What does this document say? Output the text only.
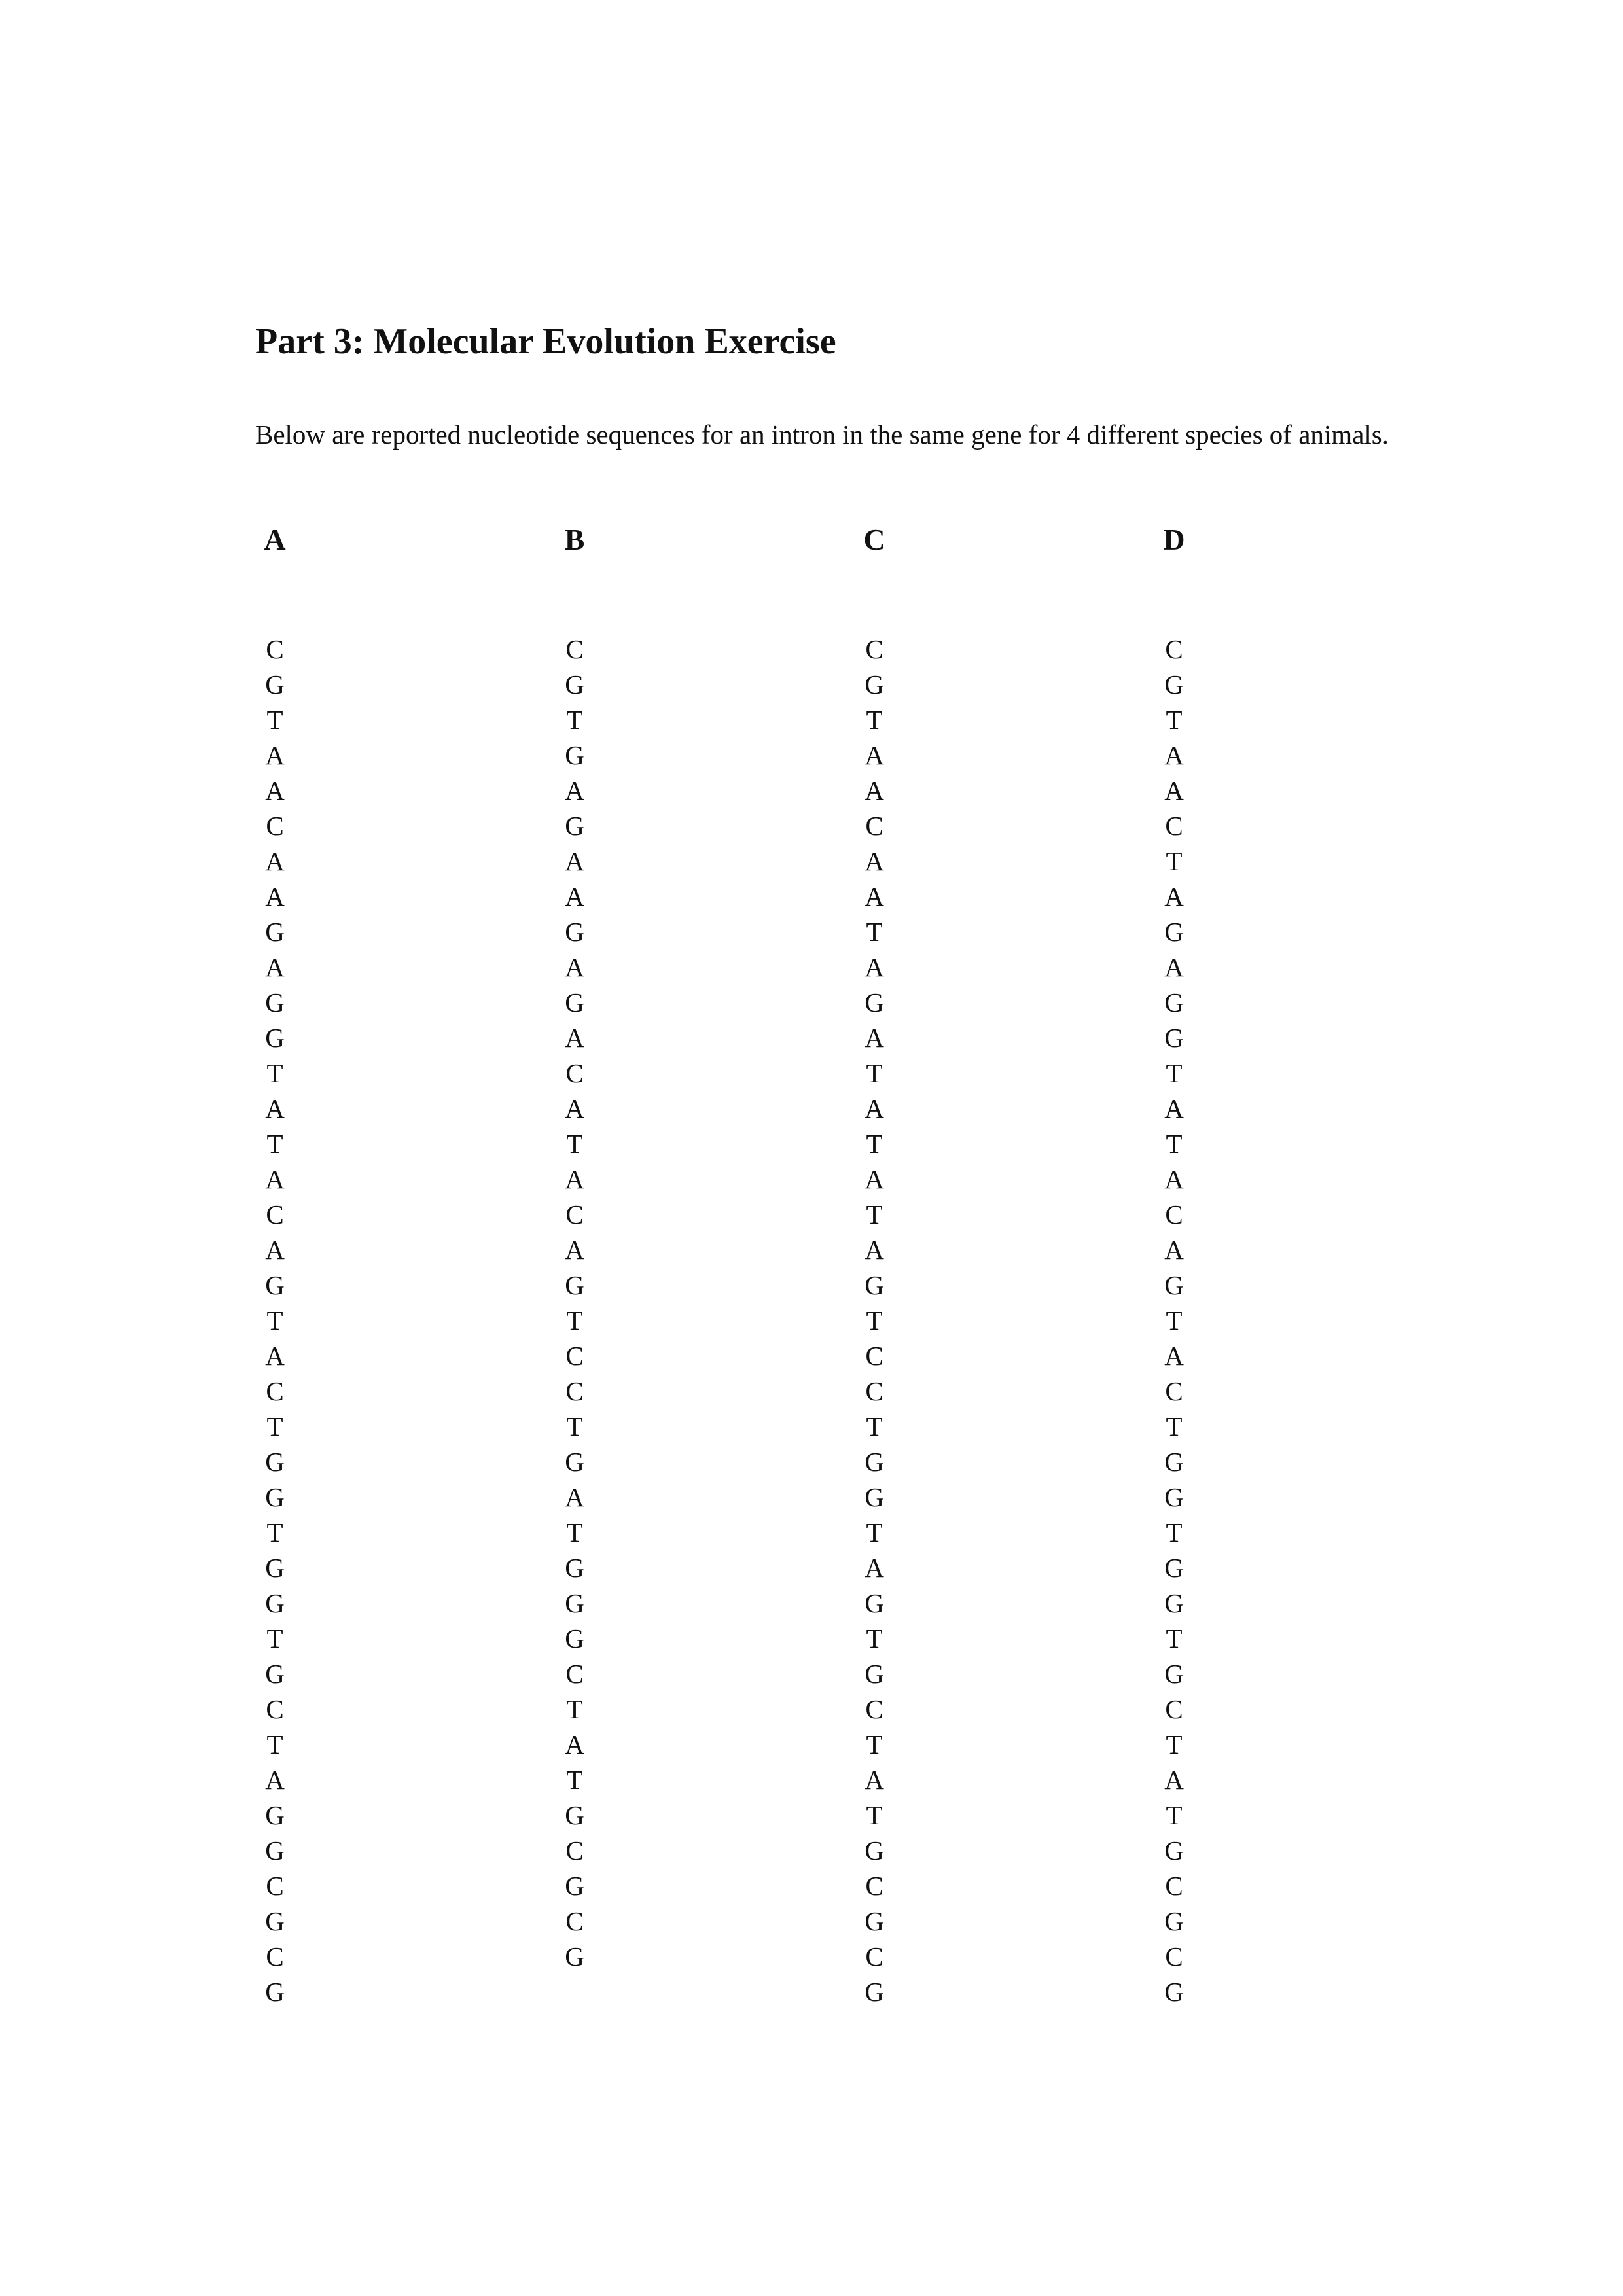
Part 3: Molecular Evolution Exercise

Below are reported nucleotide sequences for an intron in the same gene for 4 different species of animals.

A
C
G
T
A
A
C
A
A
G
A
G
G
T
A
T
A
C
A
G
T
A
C
T
G
G
T
G
G
T
G
C
T
A
G
G
C
G
C
G
B
C
G
T
G
A
G
A
A
G
A
G
A
C
A
T
A
C
A
G
T
C
C
T
G
A
T
G
G
G
C
T
A
T
G
C
G
C
G
C
C
G
T
A
A
C
A
A
T
A
G
A
T
A
T
A
T
A
G
T
C
C
T
G
G
T
A
G
T
G
C
T
A
T
G
C
G
C
G
D
C
G
T
A
A
C
T
A
G
A
G
G
T
A
T
A
C
A
G
T
A
C
T
G
G
T
G
G
T
G
C
T
A
T
G
C
G
C
G
